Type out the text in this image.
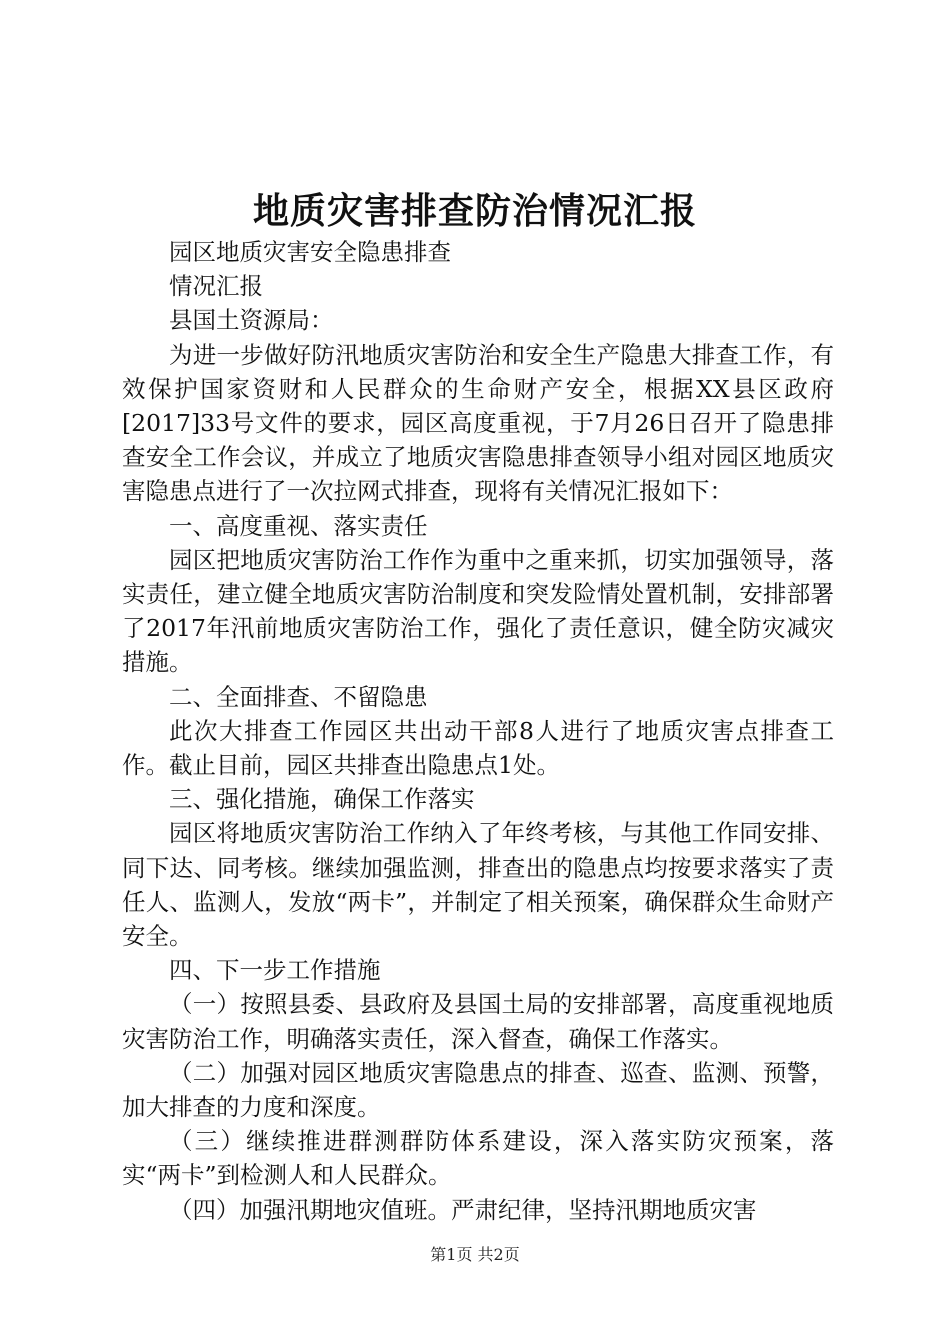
地质灾害排查防治情况汇报

园区地质灾害安全隐患排查

情况汇报

县国土资源局：

为进一步做好防汛地质灾害防治和安全生产隐患大排查工作，有效保护国家资财和人民群众的生命财产安全，根据XX县区政府[2017]33号文件的要求，园区高度重视，于7月26日召开了隐患排查安全工作会议，并成立了地质灾害隐患排查领导小组对园区地质灾害隐患点进行了一次拉网式排查，现将有关情况汇报如下：

一、高度重视、落实责任

园区把地质灾害防治工作作为重中之重来抓，切实加强领导，落实责任，建立健全地质灾害防治制度和突发险情处置机制，安排部署了2017年汛前地质灾害防治工作，强化了责任意识，健全防灾减灾措施。

二、全面排查、不留隐患

此次大排查工作园区共出动干部8人进行了地质灾害点排查工作。截止目前，园区共排查出隐患点1处。

三、强化措施，确保工作落实

园区将地质灾害防治工作纳入了年终考核，与其他工作同安排、同下达、同考核。继续加强监测，排查出的隐患点均按要求落实了责任人、监测人，发放“两卡”，并制定了相关预案，确保群众生命财产安全。

四、下一步工作措施

（一）按照县委、县政府及县国土局的安排部署，高度重视地质灾害防治工作，明确落实责任，深入督查，确保工作落实。

（二）加强对园区地质灾害隐患点的排查、巡查、监测、预警，加大排查的力度和深度。

（三）继续推进群测群防体系建设，深入落实防灾预案，落实“两卡”到检测人和人民群众。

（四）加强汛期地灾值班。严肃纪律，坚持汛期地质灾害

第1页 共2页
